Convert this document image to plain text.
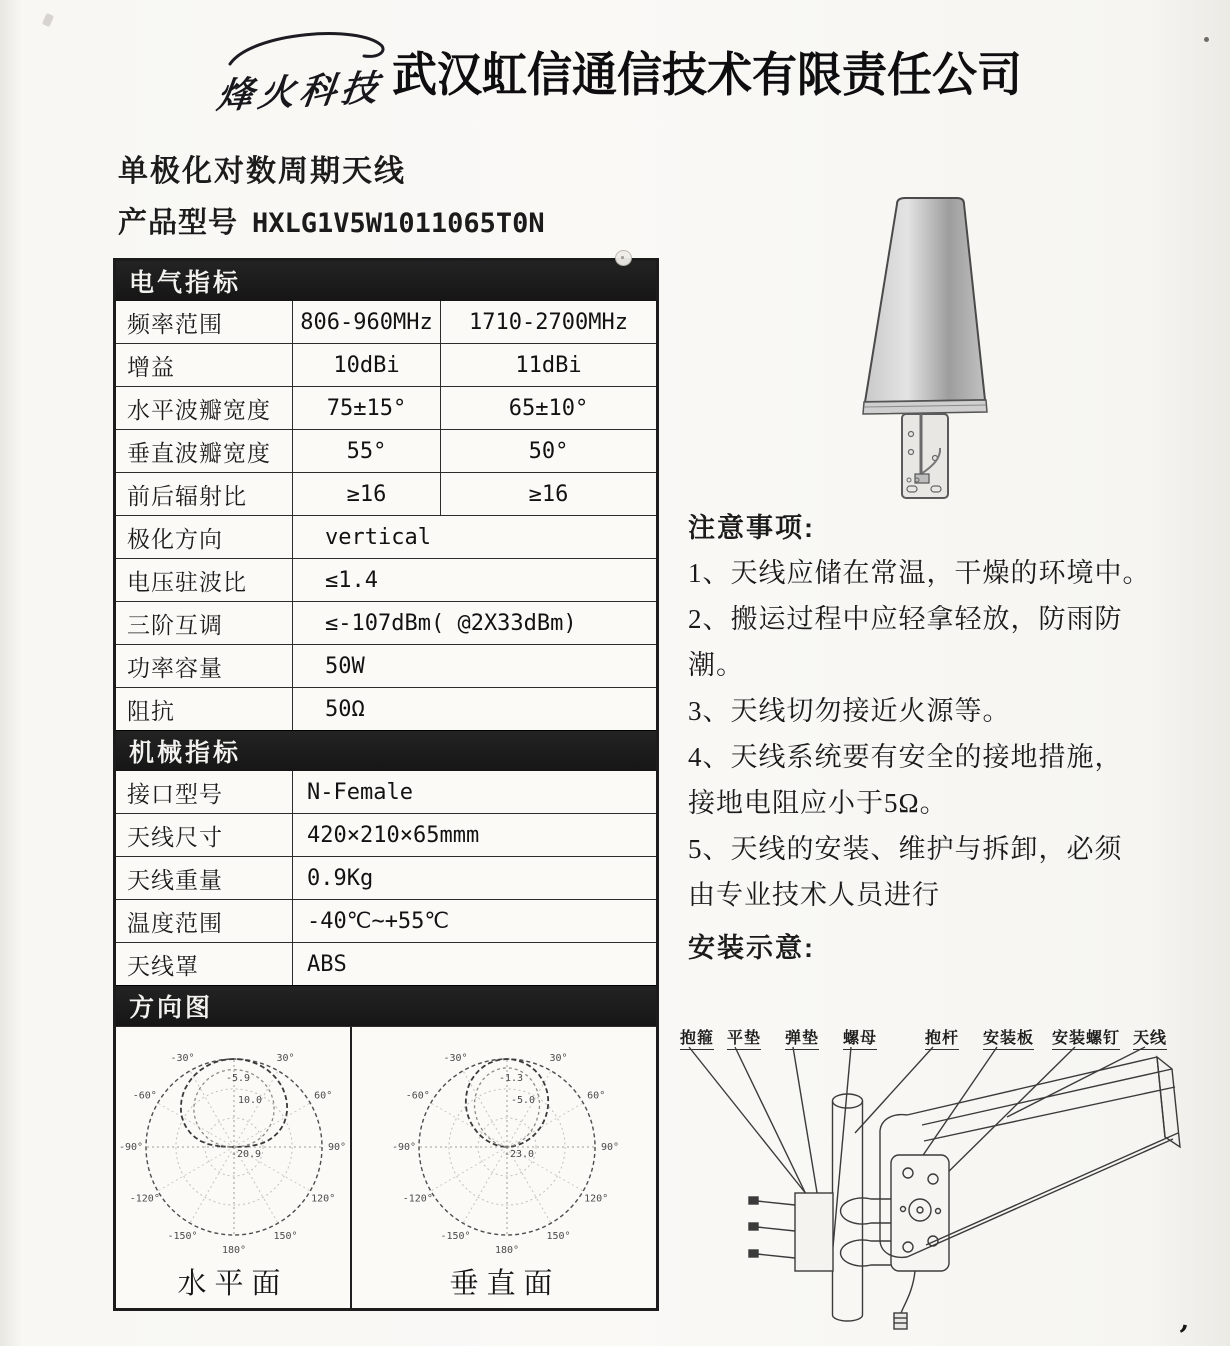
烽火科技 武汉虹信通信技术有限责任公司
单极化对数周期天线
产品型号 HXLG1V5W1011065T0N
电气指标
频率范围	806-960MHz	1710-2700MHz
增益	10dBi	11dBi
水平波瓣宽度	75±15°	65±10°
垂直波瓣宽度	55°	50°
前后辐射比	≥16	≥16
极化方向	vertical
电压驻波比	≤1.4
三阶互调	≤-107dBm( @2X33dBm)
功率容量	50W
阻抗	50Ω
机械指标
接口型号	N-Female
天线尺寸	420×210×65mmm
天线重量	0.9Kg
温度范围	-40℃~+55℃
天线罩	ABS
方向图
-30°	30°
-60°	60°
-90°	90°
-120°	120°
-150°	150°
180°
-5.9
10.0
-20.9
水平面
-30°	30°
-60°	60°
-90°	90°
-120°	120°
-150°	150°
180°
-1.3
-5.0
-23.0
垂直面
注意事项:
1、天线应储在常温，干燥的环境中。
2、搬运过程中应轻拿轻放，防雨防
潮。
3、天线切勿接近火源等。
4、天线系统要有安全的接地措施，
接地电阻应小于5Ω。
5、天线的安装、维护与拆卸，必须
由专业技术人员进行
安装示意:
抱箍 平垫 弹垫 螺母	抱杆 安装板 安装螺钉 天线
,
